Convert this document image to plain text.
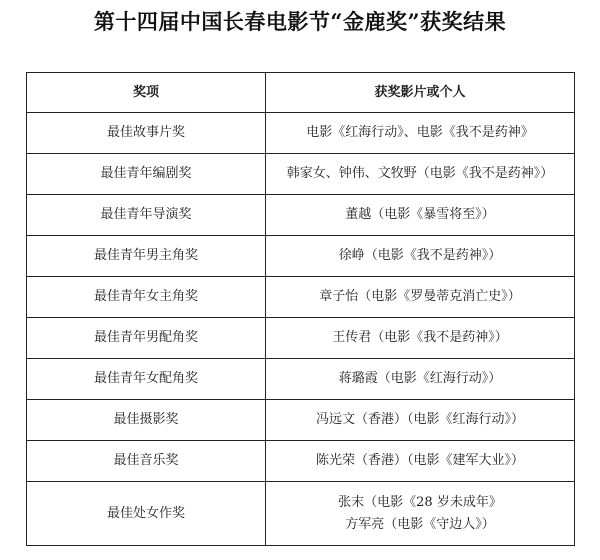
第十四届中国长春电影节“金鹿奖”获奖结果
奖项	获奖影片或个人
最佳故事片奖	电影《红海行动》、电影《我不是药神》
最佳青年编剧奖	韩家女、钟伟、文牧野（电影《我不是药神》）
最佳青年导演奖	董越（电影《暴雪将至》）
最佳青年男主角奖	徐峥（电影《我不是药神》）
最佳青年女主角奖	章子怡（电影《罗曼蒂克消亡史》）
最佳青年男配角奖	王传君（电影《我不是药神》）
最佳青年女配角奖	蒋璐霞（电影《红海行动》）
最佳摄影奖	冯远文（香港）（电影《红海行动》）
最佳音乐奖	陈光荣（香港）（电影《建军大业》）
最佳处女作奖	张末（电影《28 岁未成年》
方军亮（电影《守边人》）
